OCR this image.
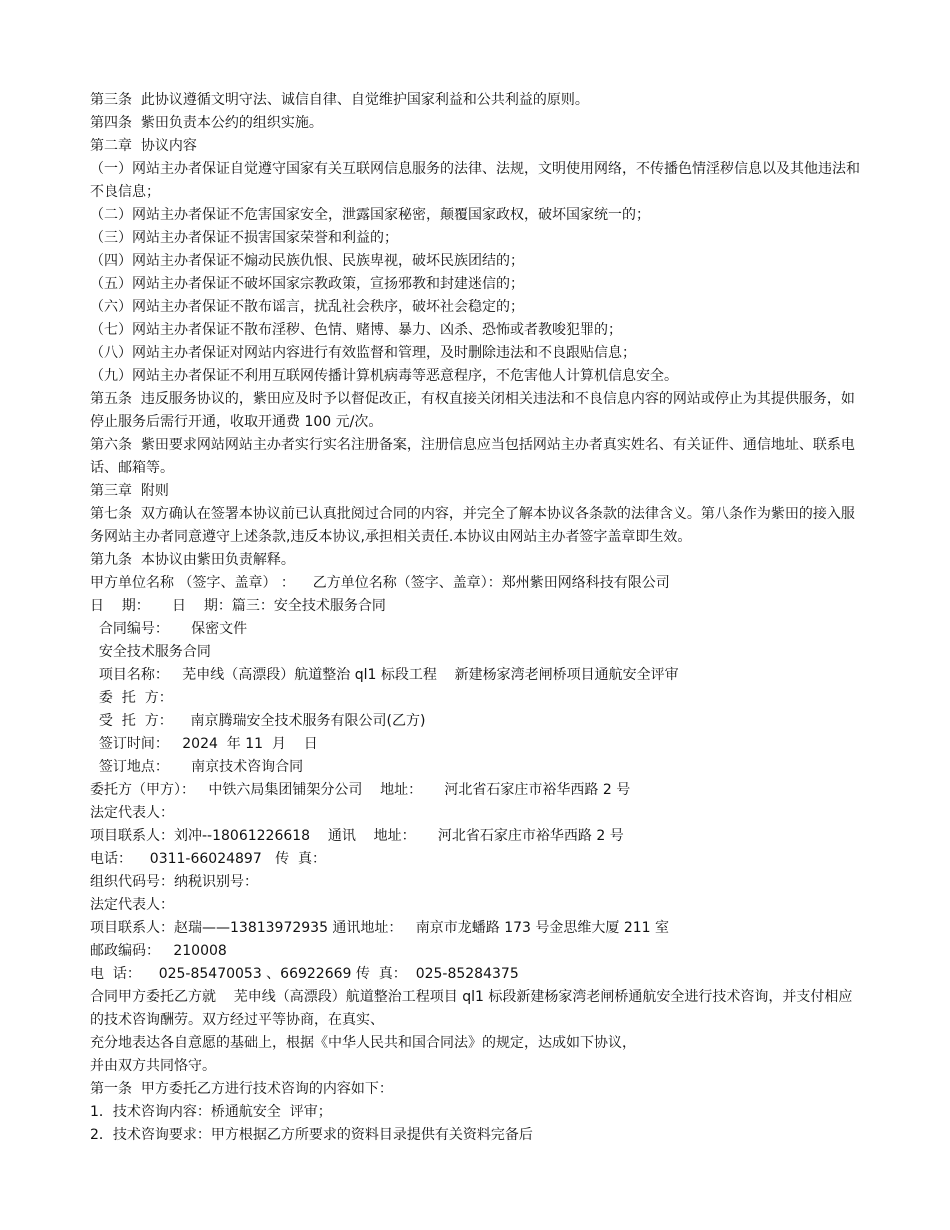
第三条  此协议遵循文明守法、诚信自律、自觉维护国家利益和公共利益的原则。
第四条  紫田负责本公约的组织实施。
第二章  协议内容
（一）网站主办者保证自觉遵守国家有关互联网信息服务的法律、法规，文明使用网络，不传播色情淫秽信息以及其他违法和不良信息；
（二）网站主办者保证不危害国家安全，泄露国家秘密，颠覆国家政权，破坏国家统一的；
（三）网站主办者保证不损害国家荣誉和利益的；
（四）网站主办者保证不煽动民族仇恨、民族卑视，破坏民族团结的；
（五）网站主办者保证不破坏国家宗教政策，宣扬邪教和封建迷信的；
（六）网站主办者保证不散布谣言，扰乱社会秩序，破坏社会稳定的；
（七）网站主办者保证不散布淫秽、色情、赌博、暴力、凶杀、恐怖或者教唆犯罪的；
（八）网站主办者保证对网站内容进行有效监督和管理，及时删除违法和不良跟贴信息；
（九）网站主办者保证不利用互联网传播计算机病毒等恶意程序，不危害他人计算机信息安全。
第五条  违反服务协议的，紫田应及时予以督促改正，有权直接关闭相关违法和不良信息内容的网站或停止为其提供服务，如停止服务后需行开通，收取开通费 100 元/次。
第六条  紫田要求网站网站主办者实行实名注册备案，注册信息应当包括网站主办者真实姓名、有关证件、通信地址、联系电话、邮箱等。
第三章  附则
第七条  双方确认在签署本协议前已认真批阅过合同的内容，并完全了解本协议各条款的法律含义。第八条作为紫田的接入服务网站主办者同意遵守上述条款,违反本协议,承担相关责任.本协议由网站主办者签字盖章即生效。
第九条  本协议由紫田负责解释。
甲方单位名称 （签字、盖章） ：    乙方单位名称（签字、盖章）：郑州紫田网络科技有限公司
日    期：     日    期：篇三：安全技术服务合同
合同编号：     保密文件
安全技术服务合同
项目名称：   芜申线（高漂段）航道整治 ql1 标段工程    新建杨家湾老闸桥项目通航安全评审
委  托  方：
受  托  方：    南京腾瑞安全技术服务有限公司(乙方)
签订时间：   2024  年 11  月    日
签订地点：     南京技术咨询合同
委托方（甲方）：   中铁六局集团铺架分公司    地址：     河北省石家庄市裕华西路 2 号
法定代表人：
项目联系人：刘冲--18061226618    通讯    地址：     河北省石家庄市裕华西路 2 号
电话：    0311-66024897   传  真：
组织代码号：纳税识别号：
法定代表人：
项目联系人：赵瑞——13813972935 通讯地址：   南京市龙蟠路 173 号金思维大厦 211 室
邮政编码：   210008
电  话：    025-85470053 、66922669 传  真：  025-85284375
合同甲方委托乙方就    芜申线（高漂段）航道整治工程项目 ql1 标段新建杨家湾老闸桥通航安全进行技术咨询，并支付相应的技术咨询酬劳。双方经过平等协商，在真实、
充分地表达各自意愿的基础上，根据《中华人民共和国合同法》的规定，达成如下协议，
并由双方共同恪守。
第一条  甲方委托乙方进行技术咨询的内容如下：
1．技术咨询内容：桥通航安全  评审；
2．技术咨询要求：甲方根据乙方所要求的资料目录提供有关资料完备后
